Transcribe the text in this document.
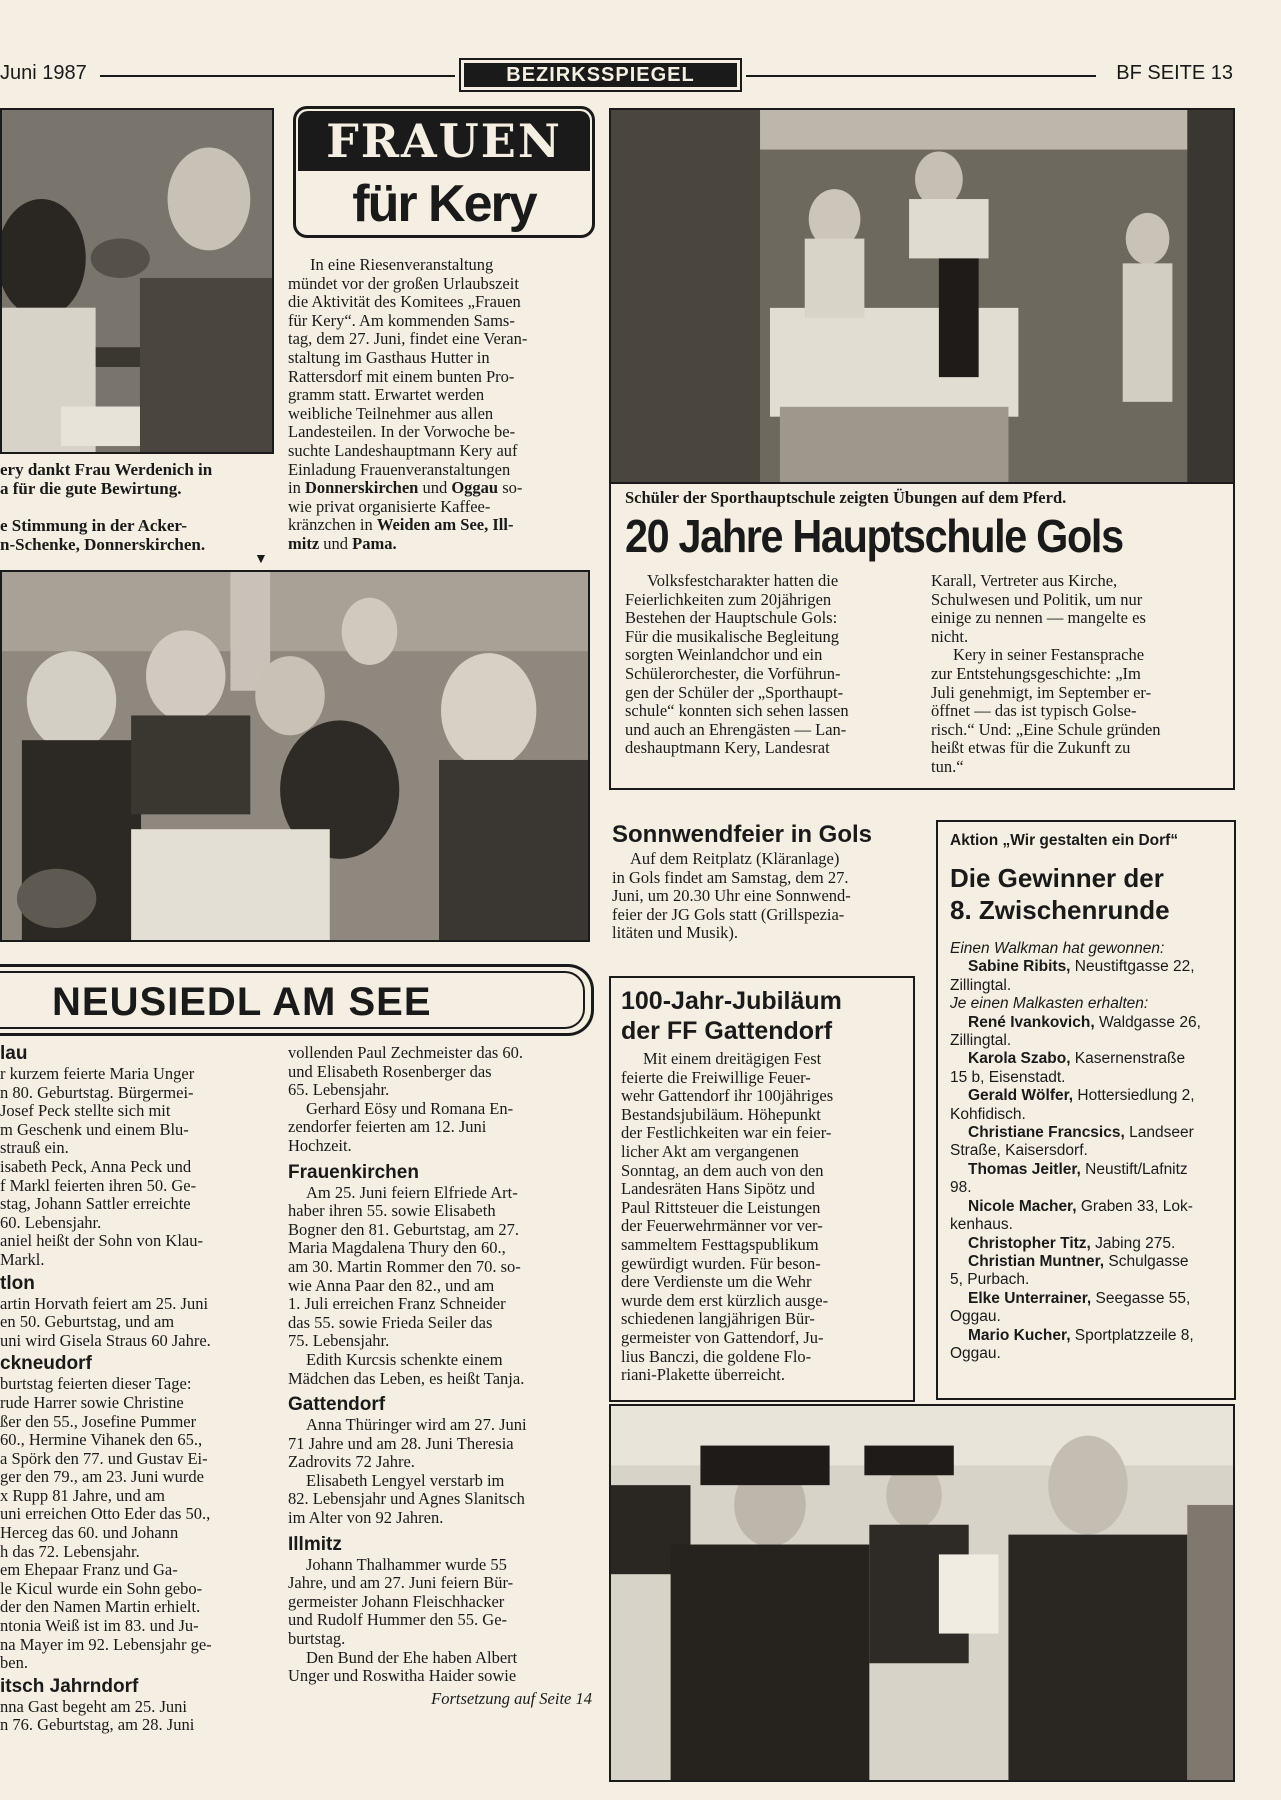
Juni 1987	BEZIRKSSPIEGEL	BF SEITE 13
ery dankt Frau Werdenich in
a für die gute Bewirtung.
e Stimmung in der Acker-
n-Schenke, Donnerskirchen.
▼
FRAUEN
für Kery
In eine Riesenveranstaltung
mündet vor der großen Urlaubszeit
die Aktivität des Komitees „Frauen
für Kery“. Am kommenden Sams-
tag, dem 27. Juni, findet eine Veran-
staltung im Gasthaus Hutter in
Rattersdorf mit einem bunten Pro-
gramm statt. Erwartet werden
weibliche Teilnehmer aus allen
Landesteilen. In der Vorwoche be-
suchte Landeshauptmann Kery auf
Einladung Frauenveranstaltungen
in Donnerskirchen und Oggau so-
wie privat organisierte Kaffee-
kränzchen in Weiden am See, Ill-
mitz und Pama.
Schüler der Sporthauptschule zeigten Übungen auf dem Pferd.
20 Jahre Hauptschule Gols
Volksfestcharakter hatten die
Feierlichkeiten zum 20jährigen
Bestehen der Hauptschule Gols:
Für die musikalische Begleitung
sorgten Weinlandchor und ein
Schülerorchester, die Vorführun-
gen der Schüler der „Sporthaupt-
schule“ konnten sich sehen lassen
und auch an Ehrengästen — Lan-
deshauptmann Kery, Landesrat
Karall, Vertreter aus Kirche,
Schulwesen und Politik, um nur
einige zu nennen — mangelte es
nicht.
Kery in seiner Festansprache
zur Entstehungsgeschichte: „Im
Juli genehmigt, im September er-
öffnet — das ist typisch Golse-
risch.“ Und: „Eine Schule gründen
heißt etwas für die Zukunft zu
tun.“
Sonnwendfeier in Gols
Auf dem Reitplatz (Kläranlage)
in Gols findet am Samstag, dem 27.
Juni, um 20.30 Uhr eine Sonnwend-
feier der JG Gols statt (Grillspezia-
litäten und Musik).
Aktion „Wir gestalten ein Dorf“
Die Gewinner der
8. Zwischenrunde
Einen Walkman hat gewonnen:
Sabine Ribits, Neustiftgasse 22,
Zillingtal.
Je einen Malkasten erhalten:
René Ivankovich, Waldgasse 26,
Zillingtal.
Karola Szabo, Kasernenstraße
15 b, Eisenstadt.
Gerald Wölfer, Hottersiedlung 2,
Kohfidisch.
Christiane Francsics, Landseer
Straße, Kaisersdorf.
Thomas Jeitler, Neustift/Lafnitz
98.
Nicole Macher, Graben 33, Lok-
kenhaus.
Christopher Titz, Jabing 275.
Christian Muntner, Schulgasse
5, Purbach.
Elke Unterrainer, Seegasse 55,
Oggau.
Mario Kucher, Sportplatzzeile 8,
Oggau.
100-Jahr-Jubiläum
der FF Gattendorf
Mit einem dreitägigen Fest
feierte die Freiwillige Feuer-
wehr Gattendorf ihr 100jähriges
Bestandsjubiläum. Höhepunkt
der Festlichkeiten war ein feier-
licher Akt am vergangenen
Sonntag, an dem auch von den
Landesräten Hans Sipötz und
Paul Rittsteuer die Leistungen
der Feuerwehrmänner vor ver-
sammeltem Festtagspublikum
gewürdigt wurden. Für beson-
dere Verdienste um die Wehr
wurde dem erst kürzlich ausge-
schiedenen langjährigen Bür-
germeister von Gattendorf, Ju-
lius Banczi, die goldene Flo-
riani-Plakette überreicht.
NEUSIEDL AM SEE
lau
r kurzem feierte Maria Unger
n 80. Geburtstag. Bürgermei-
Josef Peck stellte sich mit
m Geschenk und einem Blu-
strauß ein.
isabeth Peck, Anna Peck und
f Markl feierten ihren 50. Ge-
stag, Johann Sattler erreichte
60. Lebensjahr.
aniel heißt der Sohn von Klau-
Markl.
tlon
artin Horvath feiert am 25. Juni
en 50. Geburtstag, und am
uni wird Gisela Straus 60 Jahre.
ckneudorf
burtstag feierten dieser Tage:
rude Harrer sowie Christine
ßer den 55., Josefine Pummer
60., Hermine Vihanek den 65.,
a Spörk den 77. und Gustav Ei-
ger den 79., am 23. Juni wurde
x Rupp 81 Jahre, und am
uni erreichen Otto Eder das 50.,
Herceg das 60. und Johann
h das 72. Lebensjahr.
em Ehepaar Franz und Ga-
le Kicul wurde ein Sohn gebo-
der den Namen Martin erhielt.
ntonia Weiß ist im 83. und Ju-
na Mayer im 92. Lebensjahr ge-
ben.
itsch Jahrndorf
nna Gast begeht am 25. Juni
n 76. Geburtstag, am 28. Juni
vollenden Paul Zechmeister das 60.
und Elisabeth Rosenberger das
65. Lebensjahr.
Gerhard Eösy und Romana En-
zendorfer feierten am 12. Juni
Hochzeit.
Frauenkirchen
Am 25. Juni feiern Elfriede Art-
haber ihren 55. sowie Elisabeth
Bogner den 81. Geburtstag, am 27.
Maria Magdalena Thury den 60.,
am 30. Martin Rommer den 70. so-
wie Anna Paar den 82., und am
1. Juli erreichen Franz Schneider
das 55. sowie Frieda Seiler das
75. Lebensjahr.
Edith Kurcsis schenkte einem
Mädchen das Leben, es heißt Tanja.
Gattendorf
Anna Thüringer wird am 27. Juni
71 Jahre und am 28. Juni Theresia
Zadrovits 72 Jahre.
Elisabeth Lengyel verstarb im
82. Lebensjahr und Agnes Slanitsch
im Alter von 92 Jahren.
Illmitz
Johann Thalhammer wurde 55
Jahre, und am 27. Juni feiern Bür-
germeister Johann Fleischhacker
und Rudolf Hummer den 55. Ge-
burtstag.
Den Bund der Ehe haben Albert
Unger und Roswitha Haider sowie
Fortsetzung auf Seite 14
